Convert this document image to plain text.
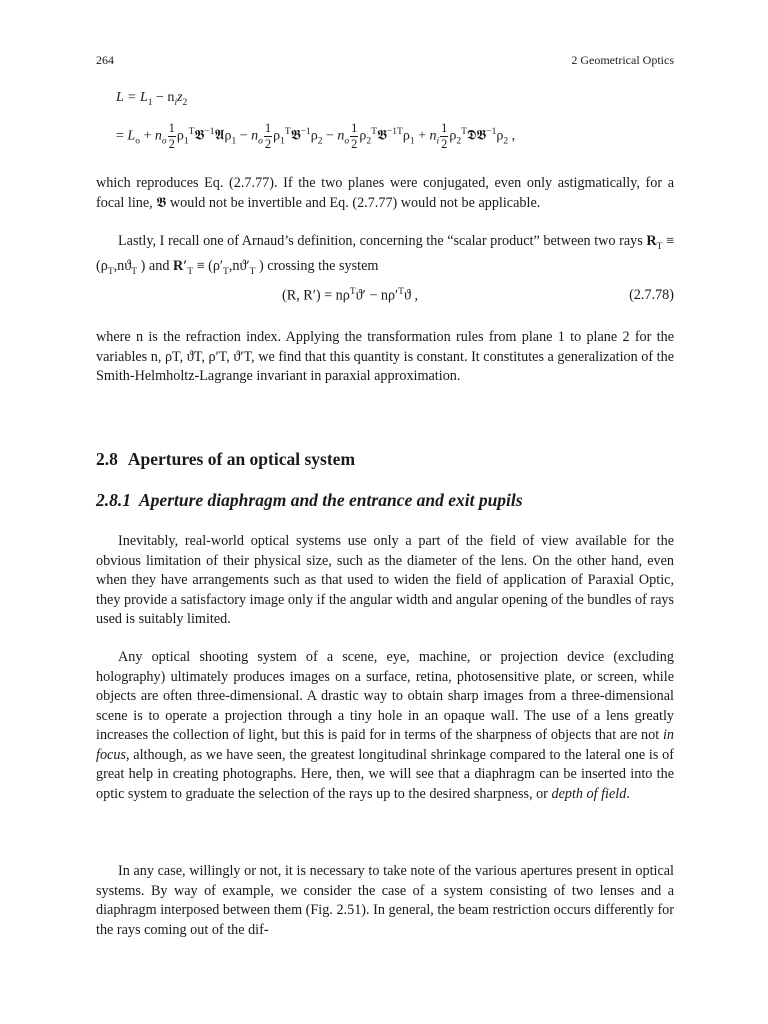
264	2 Geometrical Optics
$L = L_1 - n_iz_2$
= $L_o + n_o \frac{1}{2}$ $\rho_1^T𝕭^{-1}𝕬\rho_1 - n_o \frac{1}{2}$ $\rho_1^T𝕭^{-1}\rho_2 - n_o \frac{1}{2}$ $\rho_2^T𝕭^{-1T}\rho_1 + n_i \frac{1}{2}$ $\rho_2^T𝕯𝕭^{-1}\rho_2$ ,
which reproduces Eq. (2.7.77). If the two planes were conjugated, even only astigmatically, for a focal line, 𝕭 would not be invertible and Eq. (2.7.77) would not be applicable.
Lastly, I recall one of Arnaud’s definition, concerning the “scalar product” between two rays $R_T \equiv (\rho_T,nϑ_T$ ) and $R'_T \equiv (\rho'_T,nϑ'_T$ ) crossing the system
(R, $R') = n\rho^Tϑ' - n\rho'^Tϑ$ ,	(2.7.78)
where n is the refraction index. Applying the transformation rules from plane 1 to plane 2 for the variables n, ρT, ϑT, ρ′T, ϑ′T, we find that this quantity is constant. It constitutes a generalization of the Smith-Helmholtz-Lagrange invariant in paraxial approximation.
2.8 Apertures of an optical system
2.8.1 Aperture diaphragm and the entrance and exit pupils
Inevitably, real-world optical systems use only a part of the field of view available for the obvious limitation of their physical size, such as the diameter of the lens. On the other hand, even when they have arrangements such as that used to widen the field of application of Paraxial Optic, they provide a satisfactory image only if the angular width and angular opening of the bundles of rays used is suitably limited.
Any optical shooting system of a scene, eye, machine, or projection device (excluding holography) ultimately produces images on a surface, retina, photosensitive plate, or screen, while objects are often three-dimensional. A drastic way to obtain sharp images from a three-dimensional scene is to operate a projection through a tiny hole in an opaque wall. The use of a lens greatly increases the collection of light, but this is paid for in terms of the sharpness of objects that are not in focus, although, as we have seen, the greatest longitudinal shrinkage compared to the lateral one is of great help in creating photographs. Here, then, we will see that a diaphragm can be inserted into the optic system to graduate the selection of the rays up to the desired sharpness, or depth of field.
In any case, willingly or not, it is necessary to take note of the various apertures present in optical systems. By way of example, we consider the case of a system consisting of two lenses and a diaphragm interposed between them (Fig. 2.51). In general, the beam restriction occurs differently for the rays coming out of the dif-
